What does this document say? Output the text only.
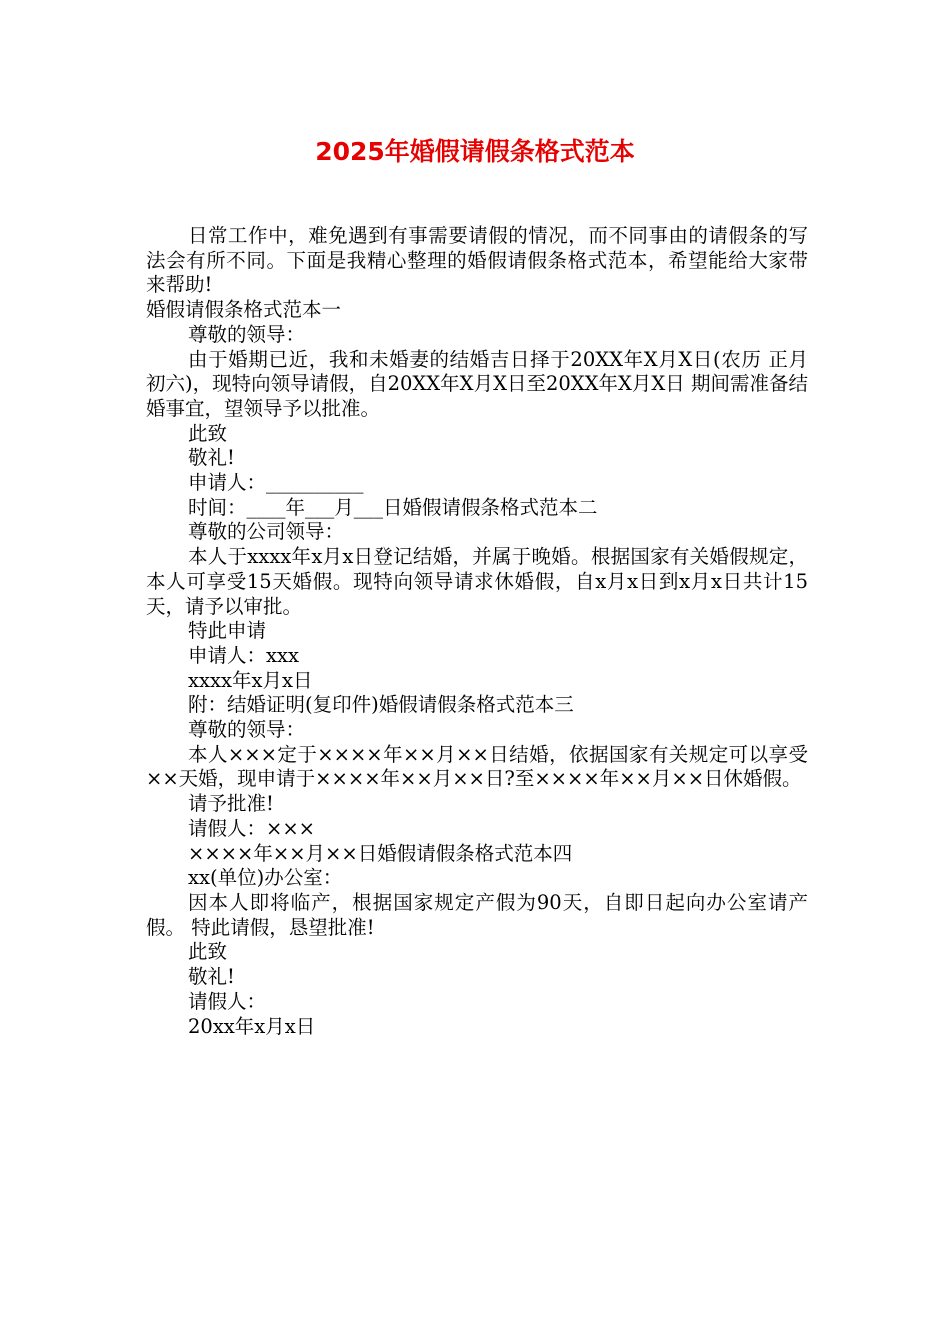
2025年婚假请假条格式范本

日常工作中，难免遇到有事需要请假的情况，而不同事由的请假条的写法会有所不同。下面是我精心整理的婚假请假条格式范本，希望能给大家带来帮助!

婚假请假条格式范本一

尊敬的领导：

由于婚期已近，我和未婚妻的结婚吉日择于20XX年X月X日(农历 正月初六)，现特向领导请假，自20XX年X月X日至20XX年X月X日 期间需准备结婚事宜，望领导予以批准。

此致

敬礼!

申请人：__________

时间：____年___月___日婚假请假条格式范本二

尊敬的公司领导：

本人于xxxx年x月x日登记结婚，并属于晚婚。根据国家有关婚假规定，本人可享受15天婚假。现特向领导请求休婚假，自x月x日到x月x日共计15天，请予以审批。

特此申请

申请人：xxx

xxxx年x月x日

附：结婚证明(复印件)婚假请假条格式范本三

尊敬的领导：

本人×××定于××××年××月××日结婚，依据国家有关规定可以享受××天婚，现申请于××××年××月××日?至××××年××月××日休婚假。

请予批准!

请假人：×××

××××年××月××日婚假请假条格式范本四

xx(单位)办公室：

因本人即将临产，根据国家规定产假为90天，自即日起向办公室请产假。 特此请假，恳望批准!

此致

敬礼!

请假人：

20xx年x月x日
